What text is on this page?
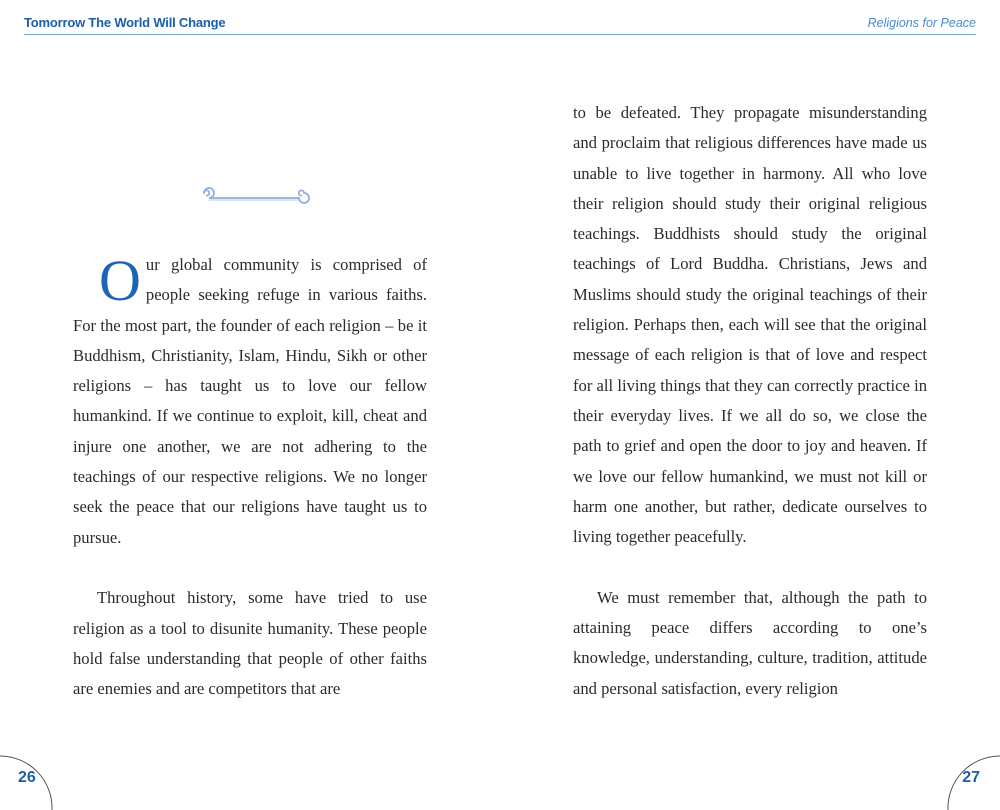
Tomorrow The World Will Change	Religions for Peace

Our global community is comprised of people seeking refuge in various faiths. For the most part, the founder of each religion – be it Buddhism, Christianity, Islam, Hindu, Sikh or other religions – has taught us to love our fellow humankind. If we continue to exploit, kill, cheat and injure one another, we are not adhering to the teachings of our respective religions. We no longer seek the peace that our religions have taught us to pursue.

Throughout history, some have tried to use religion as a tool to disunite humanity. These people hold false understanding that people of other faiths are enemies and are competitors that are

to be defeated. They propagate misunderstanding and proclaim that religious differences have made us unable to live together in harmony. All who love their religion should study their original religious teachings. Buddhists should study the original teachings of Lord Buddha. Christians, Jews and Muslims should study the original teachings of their religion. Perhaps then, each will see that the original message of each religion is that of love and respect for all living things that they can correctly practice in their everyday lives. If we all do so, we close the path to grief and open the door to joy and heaven. If we love our fellow humankind, we must not kill or harm one another, but rather, dedicate ourselves to living together peacefully.

We must remember that, although the path to attaining peace differs according to one’s knowledge, understanding, culture, tradition, attitude and personal satisfaction, every religion

26	27
